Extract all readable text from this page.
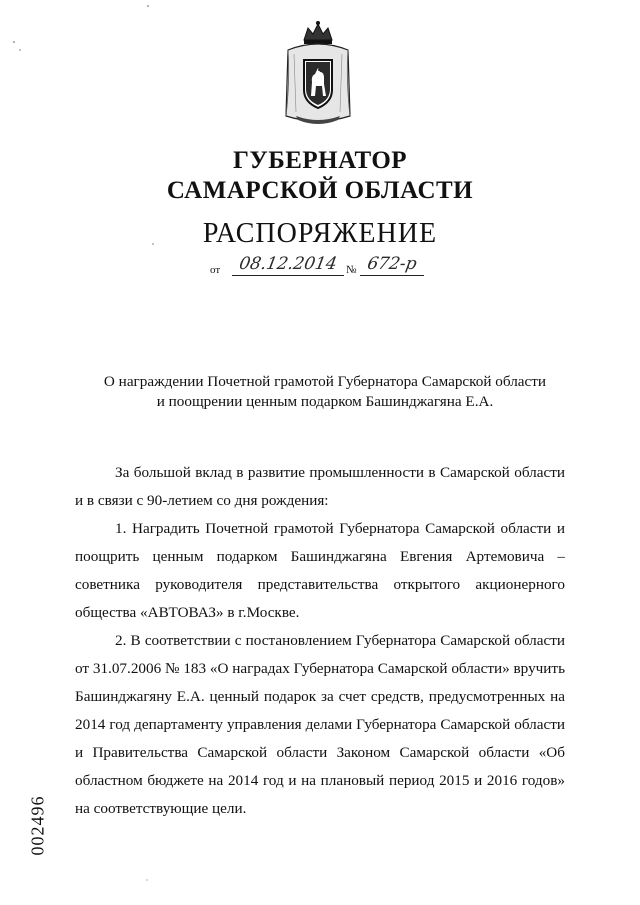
ГУБЕРНАТОР
САМАРСКОЙ ОБЛАСТИ
РАСПОРЯЖЕНИЕ
от	08.12.2014 № 672-р
О награждении Почетной грамотой Губернатора Самарской области
и поощрении ценным подарком Башинджагяна Е.А.

За большой вклад в развитие промышленности в Самарской области и в связи с 90-летием со дня рождения:

1. Наградить Почетной грамотой Губернатора Самарской области и поощрить ценным подарком Башинджагяна Евгения Артемовича – советника руководителя представительства открытого акционерного общества «АВТОВАЗ» в г.Москве.

2. В соответствии с постановлением Губернатора Самарской области от 31.07.2006 № 183 «О наградах Губернатора Самарской области» вручить Башинджагяну Е.А. ценный подарок за счет средств, предусмотренных на 2014 год департаменту управления делами Губернатора Самарской области и Правительства Самарской области Законом Самарской области «Об областном бюджете на 2014 год и на плановый период 2015 и 2016 годов» на соответствующие цели.

002496
